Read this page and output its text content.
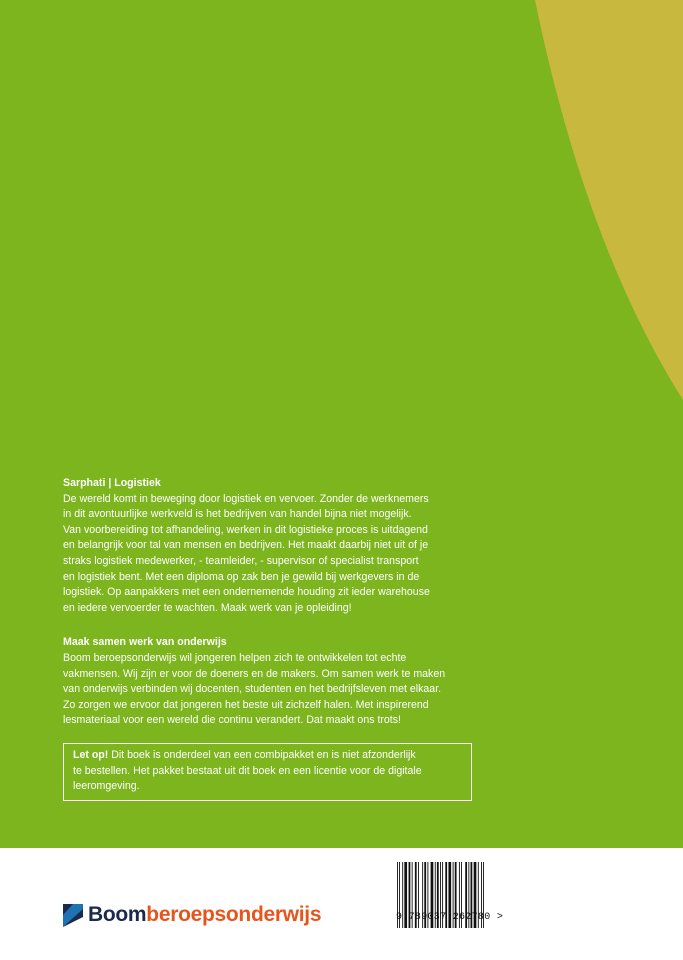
Sarphati | Logistiek
De wereld komt in beweging door logistiek en vervoer. Zonder de werknemers
in dit avontuurlijke werkveld is het bedrijven van handel bijna niet mogelijk.
Van voorbereiding tot afhandeling, werken in dit logistieke proces is uitdagend
en belangrijk voor tal van mensen en bedrijven. Het maakt daarbij niet uit of je
straks logistiek medewerker, - teamleider, - supervisor of specialist transport
en logistiek bent. Met een diploma op zak ben je gewild bij werkgevers in de
logistiek. Op aanpakkers met een ondernemende houding zit ieder warehouse
en iedere vervoerder te wachten. Maak werk van je opleiding!
Maak samen werk van onderwijs
Boom beroepsonderwijs wil jongeren helpen zich te ontwikkelen tot echte
vakmensen. Wij zijn er voor de doeners en de makers. Om samen werk te maken
van onderwijs verbinden wij docenten, studenten en het bedrijfsleven met elkaar.
Zo zorgen we ervoor dat jongeren het beste uit zichzelf halen. Met inspirerend
lesmateriaal voor een wereld die continu verandert. Dat maakt ons trots!
Let op! Dit boek is onderdeel van een combipakket en is niet afzonderlijk
te bestellen. Het pakket bestaat uit dit boek en een licentie voor de digitale
leeromgeving.
Boom beroepsonderwijs	9 789037 262780 >
